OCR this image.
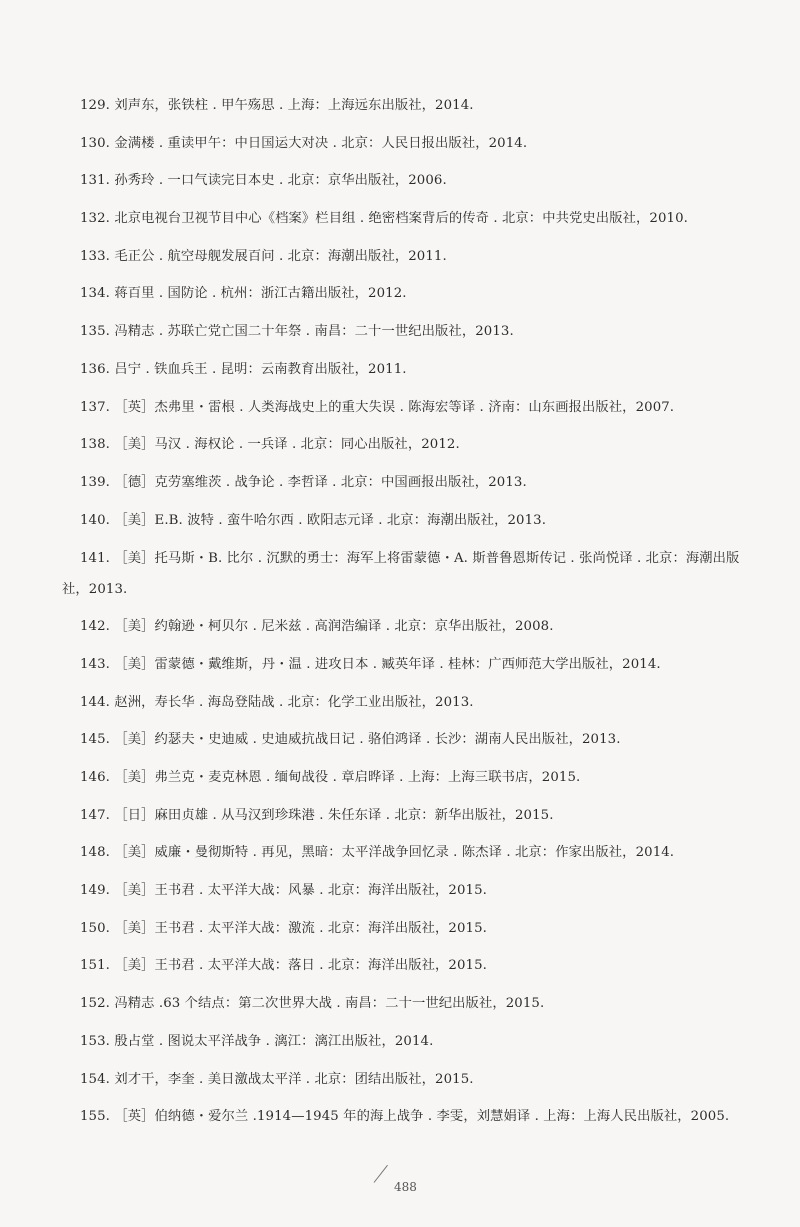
129. 刘声东，张铁柱 . 甲午殇思 . 上海：上海远东出版社，2014.
130. 金满楼 . 重读甲午：中日国运大对决 . 北京：人民日报出版社，2014.
131. 孙秀玲 . 一口气读完日本史 . 北京：京华出版社，2006.
132. 北京电视台卫视节目中心《档案》栏目组 . 绝密档案背后的传奇 . 北京：中共党史出版社，2010.
133. 毛正公 . 航空母舰发展百问 . 北京：海潮出版社，2011.
134. 蒋百里 . 国防论 . 杭州：浙江古籍出版社，2012.
135. 冯精志 . 苏联亡党亡国二十年祭 . 南昌：二十一世纪出版社，2013.
136. 吕宁 . 铁血兵王 . 昆明：云南教育出版社，2011.
137. ［英］杰弗里・雷根 . 人类海战史上的重大失误 . 陈海宏等译 . 济南：山东画报出版社，2007.
138. ［美］马汉 . 海权论 . 一兵译 . 北京：同心出版社，2012.
139. ［德］克劳塞维茨 . 战争论 . 李哲译 . 北京：中国画报出版社，2013.
140. ［美］E.B. 波特 . 蛮牛哈尔西 . 欧阳志元译 . 北京：海潮出版社，2013.
141. ［美］托马斯・B. 比尔 . 沉默的勇士：海军上将雷蒙德・A. 斯普鲁恩斯传记 . 张尚悦译 . 北京：海潮出版社，2013.
142. ［美］约翰逊・柯贝尔 . 尼米兹 . 高润浩编译 . 北京：京华出版社，2008.
143. ［美］雷蒙德・戴维斯，丹・温 . 进攻日本 . 臧英年译 . 桂林：广西师范大学出版社，2014.
144. 赵洲，寿长华 . 海岛登陆战 . 北京：化学工业出版社，2013.
145. ［美］约瑟夫・史迪威 . 史迪威抗战日记 . 骆伯鸿译 . 长沙：湖南人民出版社，2013.
146. ［美］弗兰克・麦克林恩 . 缅甸战役 . 章启晔译 . 上海：上海三联书店，2015.
147. ［日］麻田贞雄 . 从马汉到珍珠港 . 朱任东译 . 北京：新华出版社，2015.
148. ［美］威廉・曼彻斯特 . 再见，黑暗：太平洋战争回忆录 . 陈杰译 . 北京：作家出版社，2014.
149. ［美］王书君 . 太平洋大战：风暴 . 北京：海洋出版社，2015.
150. ［美］王书君 . 太平洋大战：激流 . 北京：海洋出版社，2015.
151. ［美］王书君 . 太平洋大战：落日 . 北京：海洋出版社，2015.
152. 冯精志 .63 个结点：第二次世界大战 . 南昌：二十一世纪出版社，2015.
153. 殷占堂 . 图说太平洋战争 . 漓江：漓江出版社，2014.
154. 刘才干，李奎 . 美日激战太平洋 . 北京：团结出版社，2015.
155. ［英］伯纳德・爱尔兰 .1914—1945 年的海上战争 . 李雯，刘慧娟译 . 上海：上海人民出版社，2005.
488
